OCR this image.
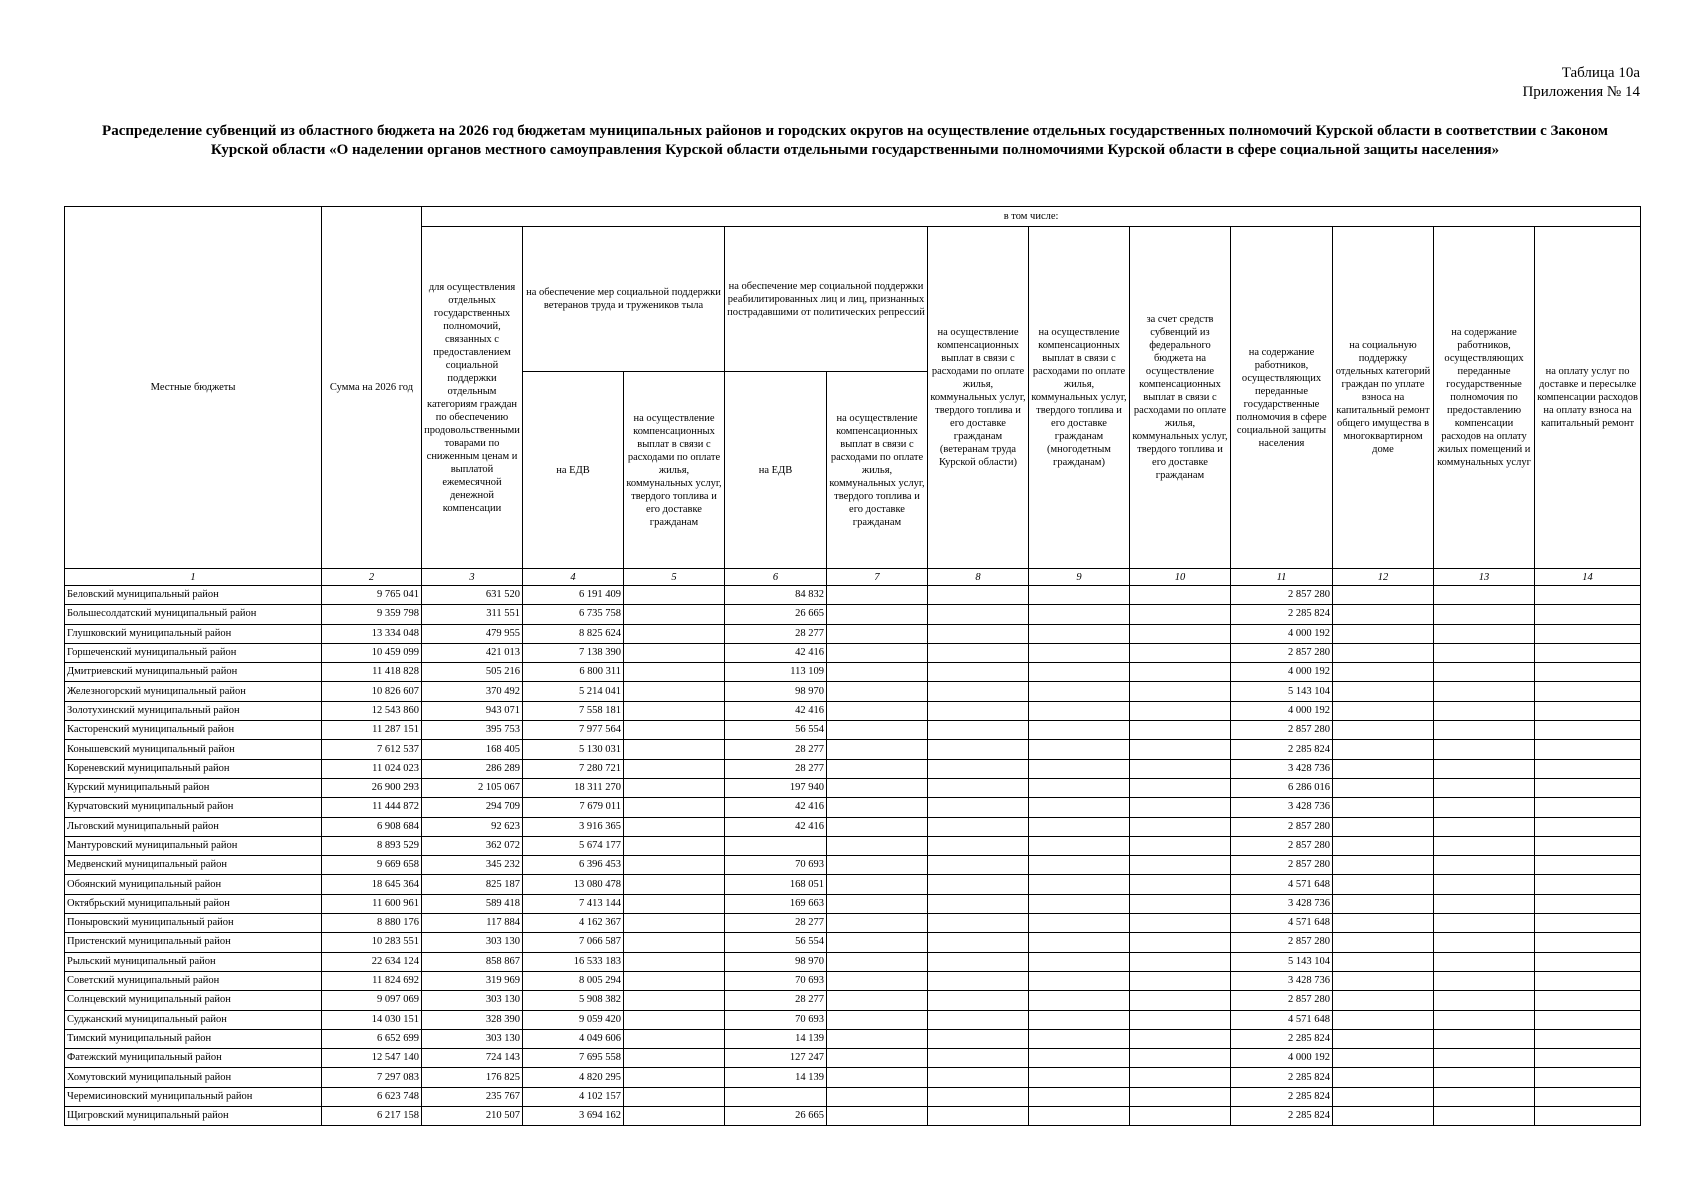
Таблица 10а
Приложения № 14
Распределение субвенций из областного бюджета на 2026 год бюджетам муниципальных районов и городских округов на осуществление отдельных государственных полномочий Курской области в соответствии с Законом Курской области «О наделении органов местного самоуправления Курской области отдельными государственными полномочиями Курской области в сфере социальной защиты населения»
Местные бюджеты	Сумма на 2026 год	в том числе:											
		для осуществления отдельных государственных полномочий, связанных с предоставлением социальной поддержки отдельным категориям граждан по обеспечению продовольственными товарами по сниженным ценам и выплатой ежемесячной денежной компенсации	на обеспечение мер социальной поддержки ветеранов труда и тружеников тыла		на обеспечение мер социальной поддержки реабилитированных лиц и лиц, признанных пострадавшими от политических репрессий		на осуществление компенсационных выплат в связи с расходами по оплате жилья, коммунальных услуг, твердого топлива и его доставке гражданам (ветеранам труда Курской области)	на осуществление компенсационных выплат в связи с расходами по оплате жилья, коммунальных услуг, твердого топлива и его доставке гражданам (многодетным гражданам)	за счет средств субвенций из федерального бюджета на осуществление компенсационных выплат в связи с расходами по оплате жилья, коммунальных услуг, твердого топлива и его доставке гражданам	на содержание работников, осуществляющих переданные государственные полномочия в сфере социальной защиты населения	на социальную поддержку отдельных категорий граждан по уплате взноса на капитальный ремонт общего имущества в многоквартирном доме	на содержание работников, осуществляющих переданные государственные полномочия по предоставлению компенсации расходов на оплату жилых помещений и коммунальных услуг	на оплату услуг по доставке и пересылке компенсации расходов на оплату взноса на капитальный ремонт
			на ЕДВ	на осуществление компенсационных выплат в связи с расходами по оплате жилья, коммунальных услуг, твердого топлива и его доставке гражданам	на ЕДВ	на осуществление компенсационных выплат в связи с расходами по оплате жилья, коммунальных услуг, твердого топлива и его доставке гражданам							
1	2	3	4	5	6	7	8	9	10	11	12	13	14
Беловский муниципальный район	9 765 041	631 520	6 191 409		84 832					2 857 280			
Большесолдатский муниципальный район	9 359 798	311 551	6 735 758		26 665					2 285 824			
Глушковский муниципальный район	13 334 048	479 955	8 825 624		28 277					4 000 192			
Горшеченский муниципальный район	10 459 099	421 013	7 138 390		42 416					2 857 280			
Дмитриевский муниципальный район	11 418 828	505 216	6 800 311		113 109					4 000 192			
Железногорский муниципальный район	10 826 607	370 492	5 214 041		98 970					5 143 104			
Золотухинский муниципальный район	12 543 860	943 071	7 558 181		42 416					4 000 192			
Касторенский муниципальный район	11 287 151	395 753	7 977 564		56 554					2 857 280			
Конышевский муниципальный район	7 612 537	168 405	5 130 031		28 277					2 285 824			
Кореневский муниципальный район	11 024 023	286 289	7 280 721		28 277					3 428 736			
Курский муниципальный район	26 900 293	2 105 067	18 311 270		197 940					6 286 016			
Курчатовский муниципальный район	11 444 872	294 709	7 679 011		42 416					3 428 736			
Льговский муниципальный район	6 908 684	92 623	3 916 365		42 416					2 857 280			
Мантуровский муниципальный район	8 893 529	362 072	5 674 177							2 857 280			
Медвенский муниципальный район	9 669 658	345 232	6 396 453		70 693					2 857 280			
Обоянский муниципальный район	18 645 364	825 187	13 080 478		168 051					4 571 648			
Октябрьский муниципальный район	11 600 961	589 418	7 413 144		169 663					3 428 736			
Поныровский муниципальный район	8 880 176	117 884	4 162 367		28 277					4 571 648			
Пристенский муниципальный район	10 283 551	303 130	7 066 587		56 554					2 857 280			
Рыльский муниципальный район	22 634 124	858 867	16 533 183		98 970					5 143 104			
Советский муниципальный район	11 824 692	319 969	8 005 294		70 693					3 428 736			
Солнцевский муниципальный район	9 097 069	303 130	5 908 382		28 277					2 857 280			
Суджанский муниципальный район	14 030 151	328 390	9 059 420		70 693					4 571 648			
Тимский муниципальный район	6 652 699	303 130	4 049 606		14 139					2 285 824			
Фатежский муниципальный район	12 547 140	724 143	7 695 558		127 247					4 000 192			
Хомутовский муниципальный район	7 297 083	176 825	4 820 295		14 139					2 285 824			
Черемисиновский муниципальный район	6 623 748	235 767	4 102 157							2 285 824			
Щигровский муниципальный район	6 217 158	210 507	3 694 162		26 665					2 285 824			
